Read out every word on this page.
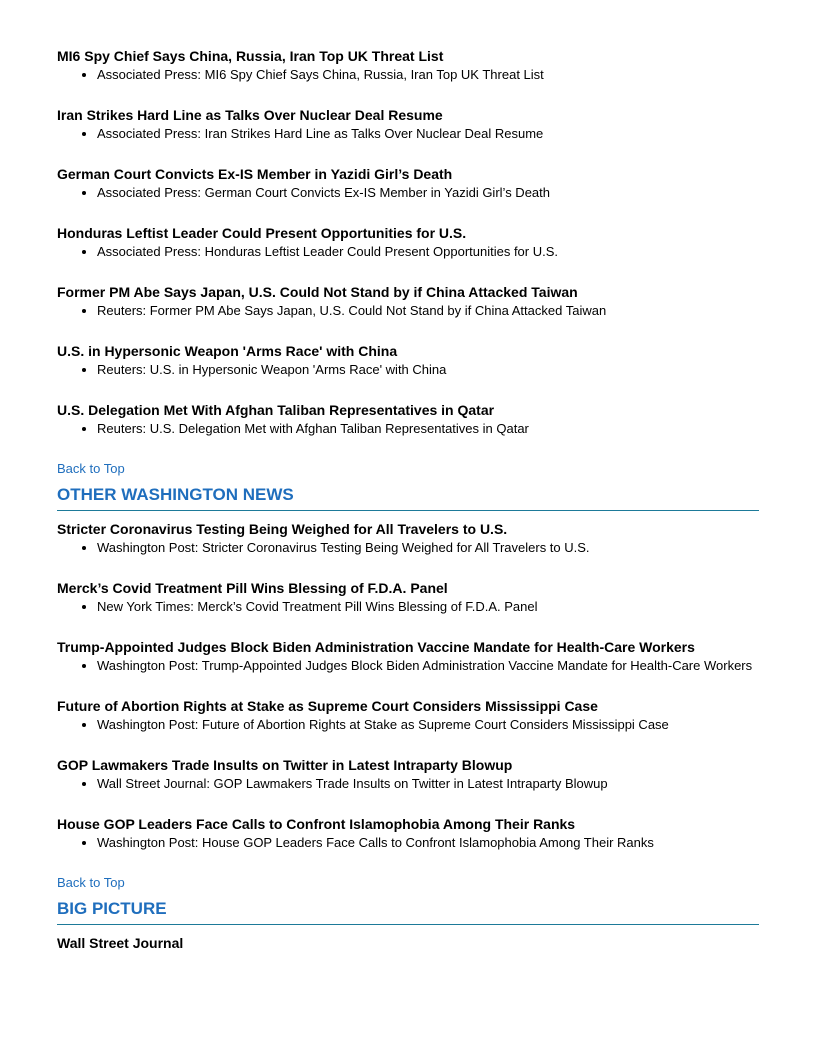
MI6 Spy Chief Says China, Russia, Iran Top UK Threat List

• Associated Press: MI6 Spy Chief Says China, Russia, Iran Top UK Threat List

Iran Strikes Hard Line as Talks Over Nuclear Deal Resume

• Associated Press: Iran Strikes Hard Line as Talks Over Nuclear Deal Resume

German Court Convicts Ex-IS Member in Yazidi Girl’s Death

• Associated Press: German Court Convicts Ex-IS Member in Yazidi Girl’s Death

Honduras Leftist Leader Could Present Opportunities for U.S.

• Associated Press: Honduras Leftist Leader Could Present Opportunities for U.S.

Former PM Abe Says Japan, U.S. Could Not Stand by if China Attacked Taiwan

• Reuters: Former PM Abe Says Japan, U.S. Could Not Stand by if China Attacked Taiwan

U.S. in Hypersonic Weapon 'Arms Race' with China

• Reuters: U.S. in Hypersonic Weapon 'Arms Race' with China

U.S. Delegation Met With Afghan Taliban Representatives in Qatar

• Reuters: U.S. Delegation Met with Afghan Taliban Representatives in Qatar
Back to Top
OTHER WASHINGTON NEWS

Stricter Coronavirus Testing Being Weighed for All Travelers to U.S.

• Washington Post: Stricter Coronavirus Testing Being Weighed for All Travelers to U.S.

Merck’s Covid Treatment Pill Wins Blessing of F.D.A. Panel

• New York Times: Merck’s Covid Treatment Pill Wins Blessing of F.D.A. Panel

Trump-Appointed Judges Block Biden Administration Vaccine Mandate for Health-Care Workers

• Washington Post: Trump-Appointed Judges Block Biden Administration Vaccine Mandate for Health-Care Workers

Future of Abortion Rights at Stake as Supreme Court Considers Mississippi Case

• Washington Post: Future of Abortion Rights at Stake as Supreme Court Considers Mississippi Case

GOP Lawmakers Trade Insults on Twitter in Latest Intraparty Blowup

• Wall Street Journal: GOP Lawmakers Trade Insults on Twitter in Latest Intraparty Blowup

House GOP Leaders Face Calls to Confront Islamophobia Among Their Ranks

• Washington Post: House GOP Leaders Face Calls to Confront Islamophobia Among Their Ranks
Back to Top
BIG PICTURE

Wall Street Journal
